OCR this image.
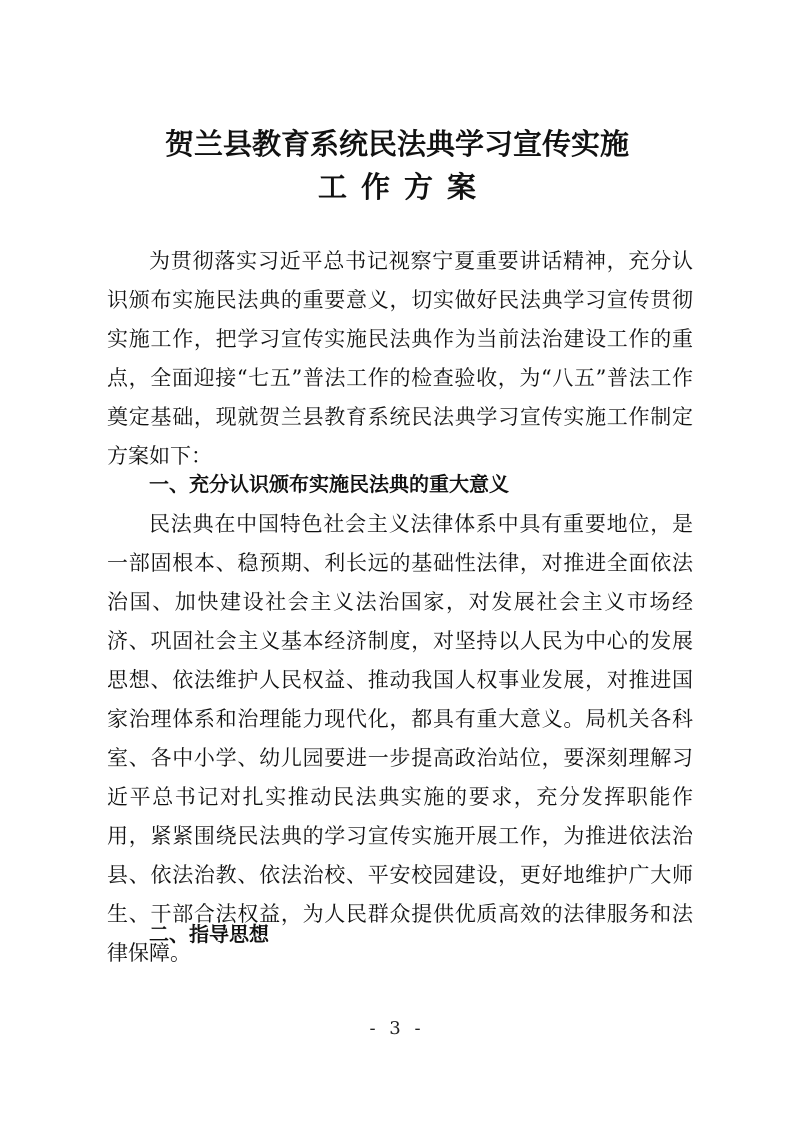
贺兰县教育系统民法典学习宣传实施
工作方案

为贯彻落实习近平总书记视察宁夏重要讲话精神，充分认识颁布实施民法典的重要意义，切实做好民法典学习宣传贯彻实施工作，把学习宣传实施民法典作为当前法治建设工作的重点，全面迎接“七五”普法工作的检查验收，为“八五”普法工作奠定基础，现就贺兰县教育系统民法典学习宣传实施工作制定方案如下：

一、充分认识颁布实施民法典的重大意义

民法典在中国特色社会主义法律体系中具有重要地位，是一部固根本、稳预期、利长远的基础性法律，对推进全面依法治国、加快建设社会主义法治国家，对发展社会主义市场经济、巩固社会主义基本经济制度，对坚持以人民为中心的发展思想、依法维护人民权益、推动我国人权事业发展，对推进国家治理体系和治理能力现代化，都具有重大意义。局机关各科室、各中小学、幼儿园要进一步提高政治站位，要深刻理解习近平总书记对扎实推动民法典实施的要求，充分发挥职能作用，紧紧围绕民法典的学习宣传实施开展工作，为推进依法治县、依法治教、依法治校、平安校园建设，更好地维护广大师生、干部合法权益，为人民群众提供优质高效的法律服务和法律保障。

二、指导思想
- 3 -
